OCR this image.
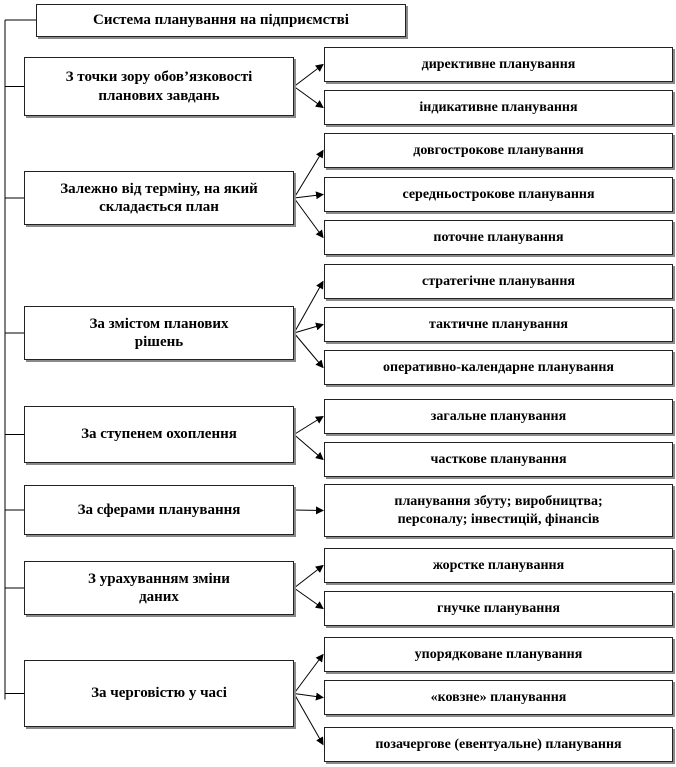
Система планування на підприємстві
З точки зору обов’язковості
планових завдань
директивне планування
індикативне планування
Залежно від терміну, на який
складається план
довгострокове планування
середньострокове планування
поточне планування
За змістом планових
рішень
стратегічне планування
тактичне планування
оперативно-календарне планування
За ступенем охоплення
загальне планування
часткове планування
За сферами планування	планування збуту; виробництва;
персоналу; інвестицій, фінансів
З урахуванням зміни
даних
жорстке планування
гнучке планування
За черговістю у часі
упорядковане планування
«ковзне» планування
позачергове (евентуальне) планування
